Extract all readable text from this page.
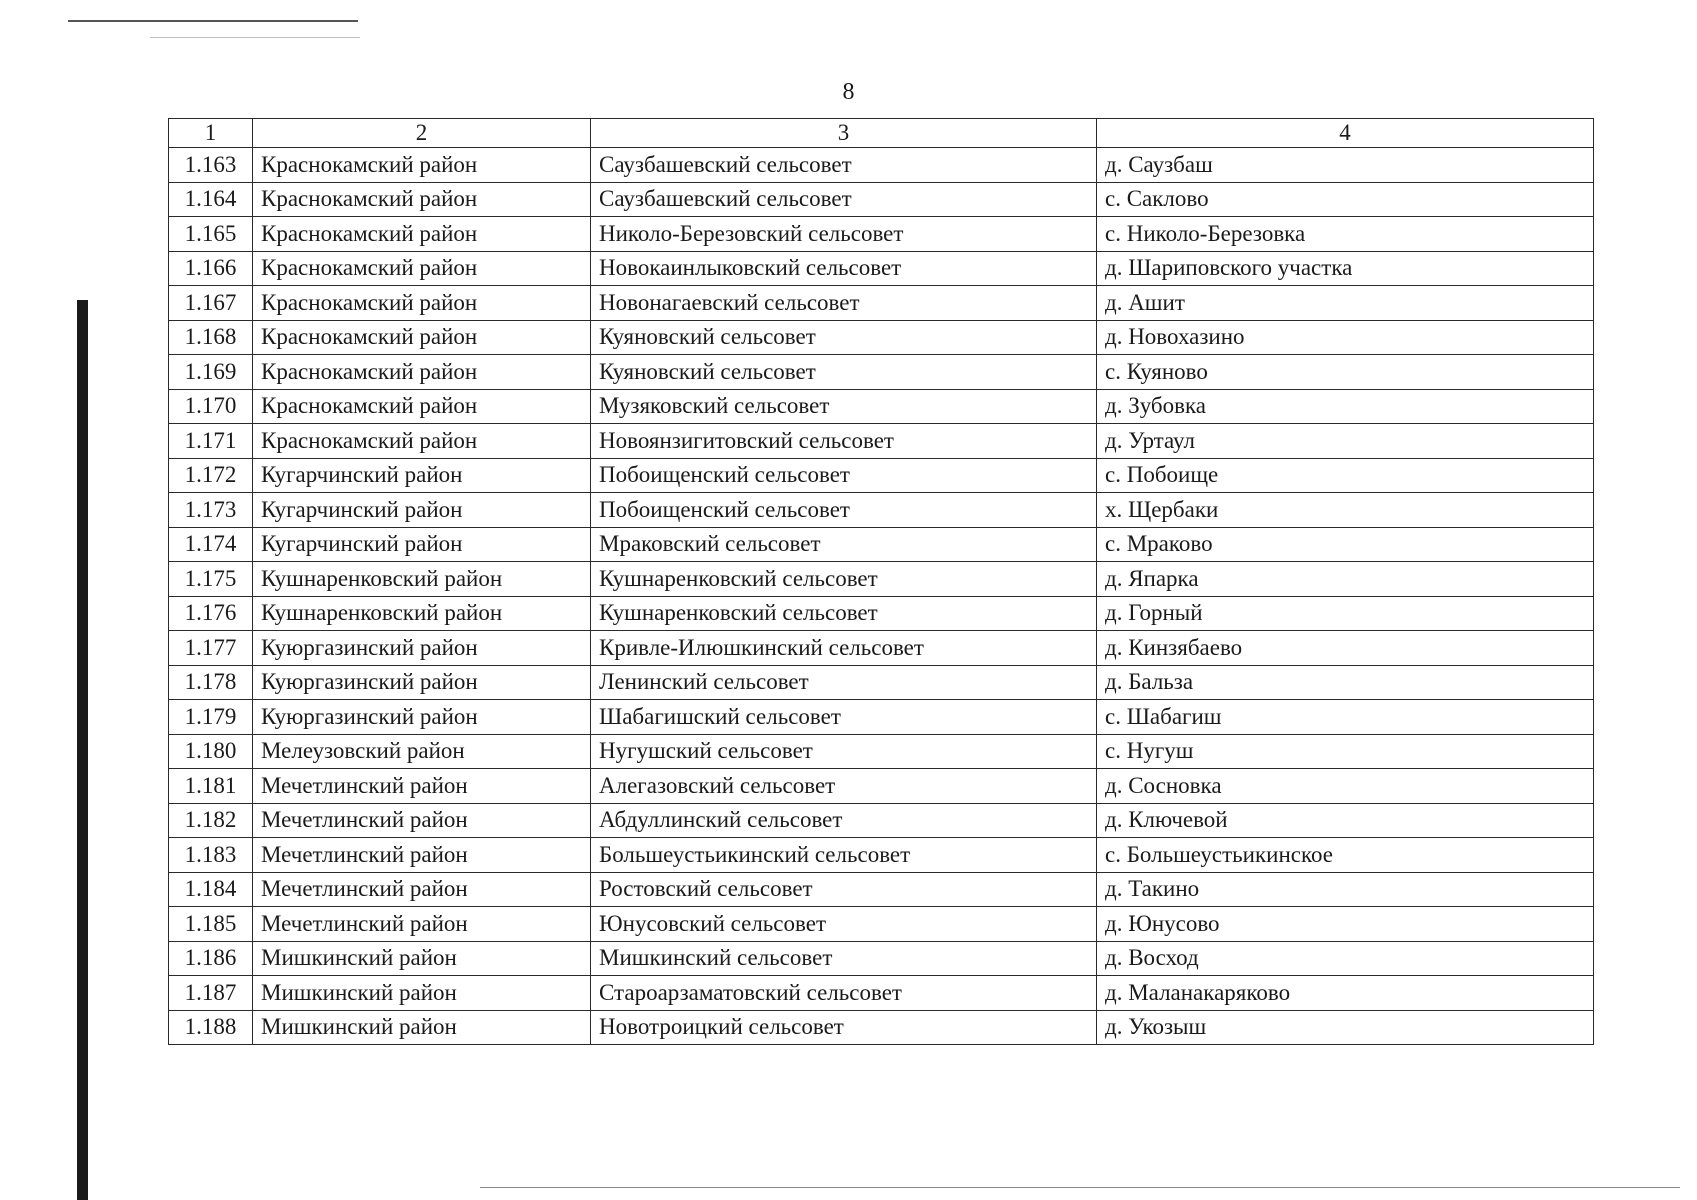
8
1	2	3	4
1.163	Краснокамский район	Саузбашевский сельсовет	д. Саузбаш
1.164	Краснокамский район	Саузбашевский сельсовет	с. Саклово
1.165	Краснокамский район	Николо-Березовский сельсовет	с. Николо-Березовка
1.166	Краснокамский район	Новокаинлыковский сельсовет	д. Шариповского участка
1.167	Краснокамский район	Новонагаевский сельсовет	д. Ашит
1.168	Краснокамский район	Куяновский сельсовет	д. Новохазино
1.169	Краснокамский район	Куяновский сельсовет	с. Куяново
1.170	Краснокамский район	Музяковский сельсовет	д. Зубовка
1.171	Краснокамский район	Новоянзигитовский сельсовет	д. Уртаул
1.172	Кугарчинский район	Побоищенский сельсовет	с. Побоище
1.173	Кугарчинский район	Побоищенский сельсовет	х. Щербаки
1.174	Кугарчинский район	Мраковский сельсовет	с. Мраково
1.175	Кушнаренковский район	Кушнаренковский сельсовет	д. Япарка
1.176	Кушнаренковский район	Кушнаренковский сельсовет	д. Горный
1.177	Куюргазинский район	Кривле-Илюшкинский сельсовет	д. Кинзябаево
1.178	Куюргазинский район	Ленинский сельсовет	д. Бальза
1.179	Куюргазинский район	Шабагишский сельсовет	с. Шабагиш
1.180	Мелеузовский район	Нугушский сельсовет	с. Нугуш
1.181	Мечетлинский район	Алегазовский сельсовет	д. Сосновка
1.182	Мечетлинский район	Абдуллинский сельсовет	д. Ключевой
1.183	Мечетлинский район	Большеустьикинский сельсовет	с. Большеустьикинское
1.184	Мечетлинский район	Ростовский сельсовет	д. Такино
1.185	Мечетлинский район	Юнусовский сельсовет	д. Юнусово
1.186	Мишкинский район	Мишкинский сельсовет	д. Восход
1.187	Мишкинский район	Староарзаматовский сельсовет	д. Маланакаряково
1.188	Мишкинский район	Новотроицкий сельсовет	д. Укозыш
